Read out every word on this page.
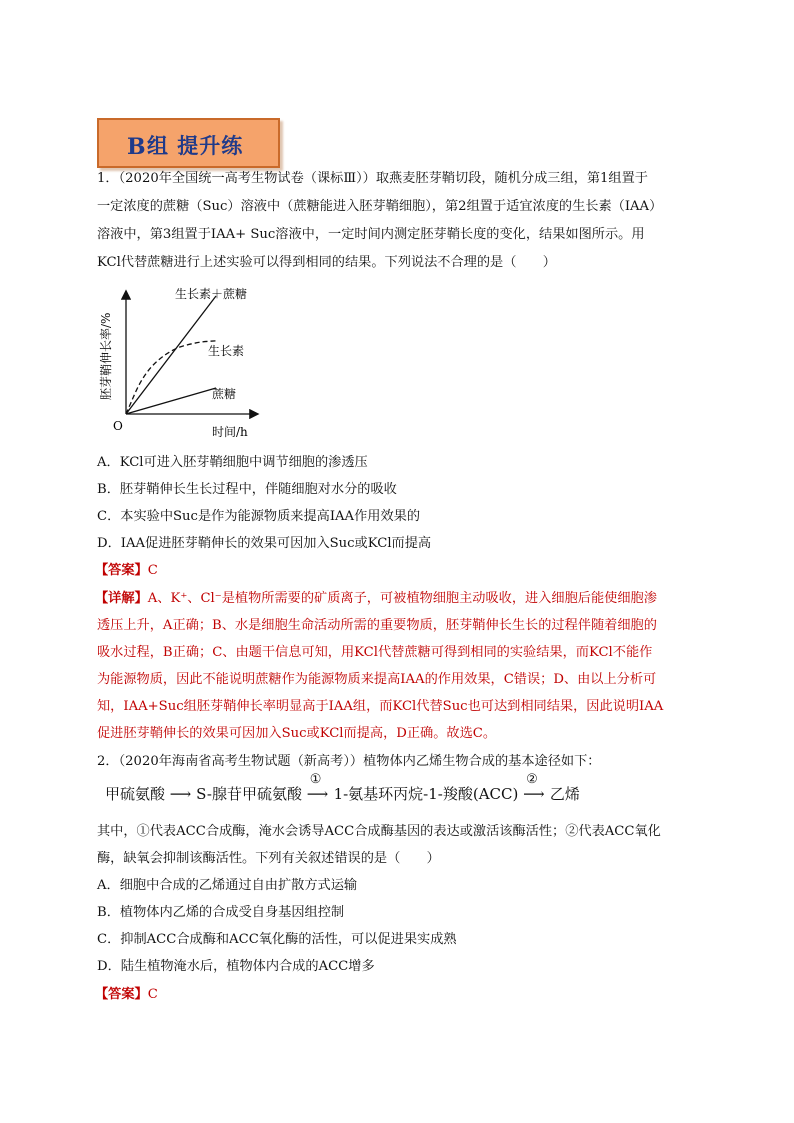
B 组 提升练
1．（2020年全国统一高考生物试卷（课标Ⅲ））取燕麦胚芽鞘切段，随机分成三组，第1组置于
一定浓度的蔗糖（Suc）溶液中（蔗糖能进入胚芽鞘细胞），第2组置于适宜浓度的生长素（IAA）
溶液中，第3组置于IAA+ Suc溶液中，一定时间内测定胚芽鞘长度的变化，结果如图所示。用
KCl代替蔗糖进行上述实验可以得到相同的结果。下列说法不合理的是（　　）
O	时间/h
胚芽鞘伸长率/%
生长素＋蔗糖
生长素
蔗糖
A．KCl可进入胚芽鞘细胞中调节细胞的渗透压
B．胚芽鞘伸长生长过程中，伴随细胞对水分的吸收
C．本实验中Suc是作为能源物质来提高IAA作用效果的
D．IAA促进胚芽鞘伸长的效果可因加入Suc或KCl而提高
【答案】C
【详解】A、K⁺、Cl⁻是植物所需要的矿质离子，可被植物细胞主动吸收，进入细胞后能使细胞渗
透压上升，A正确；B、水是细胞生命活动所需的重要物质，胚芽鞘伸长生长的过程伴随着细胞的
吸水过程，B正确；C、由题干信息可知，用KCl代替蔗糖可得到相同的实验结果，而KCl不能作
为能源物质，因此不能说明蔗糖作为能源物质来提高IAA的作用效果，C错误；D、由以上分析可
知，IAA+Suc组胚芽鞘伸长率明显高于IAA组，而KCl代替Suc也可达到相同结果，因此说明IAA
促进胚芽鞘伸长的效果可因加入Suc或KCl而提高，D正确。故选C。
2．（2020年海南省高考生物试题（新高考））植物体内乙烯生物合成的基本途径如下：
甲硫氨酸 ⟶ S-腺苷甲硫氨酸
①
⟶ 1-氨基环丙烷-1-羧酸(ACC)
②
⟶ 乙烯
其中，①代表ACC合成酶，淹水会诱导ACC合成酶基因的表达或激活该酶活性；②代表ACC氧化
酶，缺氧会抑制该酶活性。下列有关叙述错误的是（　　）
A．细胞中合成的乙烯通过自由扩散方式运输
B．植物体内乙烯的合成受自身基因组控制
C．抑制ACC合成酶和ACC氧化酶的活性，可以促进果实成熟
D．陆生植物淹水后，植物体内合成的ACC增多
【答案】C
